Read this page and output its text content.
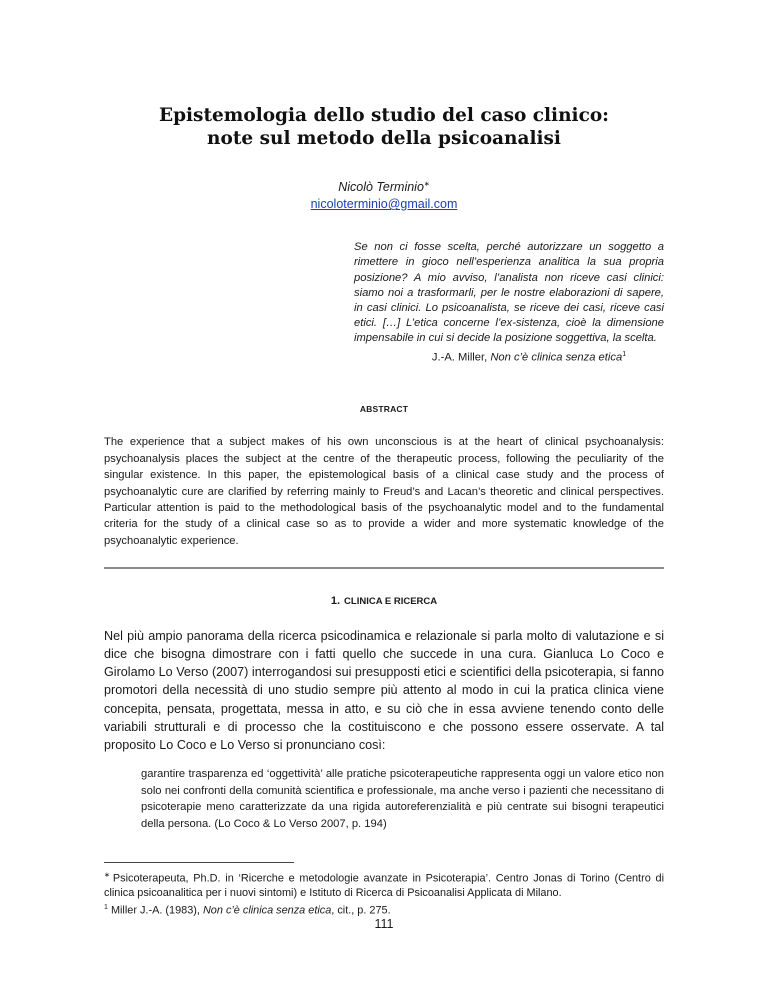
Epistemologia dello studio del caso clinico:
note sul metodo della psicoanalisi
Nicolò Terminio∗
nicoloterminio@gmail.com
Se non ci fosse scelta, perché autorizzare un soggetto a rimettere in gioco nell’esperienza analitica la sua propria posizione? A mio avviso, l’analista non riceve casi clinici: siamo noi a trasformarli, per le nostre elaborazioni di sapere, in casi clinici. Lo psicoanalista, se riceve dei casi, riceve casi etici. […] L’etica concerne l’ex-sistenza, cioè la dimensione impensabile in cui si decide la posizione soggettiva, la scelta.
J.-A. Miller, Non c’è clinica senza etica$^1$
ABSTRACT
The experience that a subject makes of his own unconscious is at the heart of clinical psychoanalysis: psychoanalysis places the subject at the centre of the therapeutic process, following the peculiarity of the singular existence. In this paper, the epistemological basis of a clinical case study and the process of psychoanalytic cure are clarified by referring mainly to Freud’s and Lacan’s theoretic and clinical perspectives. Particular attention is paid to the methodological basis of the psychoanalytic model and to the fundamental criteria for the study of a clinical case so as to provide a wider and more systematic knowledge of the psychoanalytic experience.
1. CLINICA E RICERCA

Nel più ampio panorama della ricerca psicodinamica e relazionale si parla molto di valutazione e si dice che bisogna dimostrare con i fatti quello che succede in una cura. Gianluca Lo Coco e Girolamo Lo Verso (2007) interrogandosi sui presupposti etici e scientifici della psicoterapia, si fanno promotori della necessità di uno studio sempre più attento al modo in cui la pratica clinica viene concepita, pensata, progettata, messa in atto, e su ciò che in essa avviene tenendo conto delle variabili strutturali e di processo che la costituiscono e che possono essere osservate. A tal proposito Lo Coco e Lo Verso si pronunciano così:

garantire trasparenza ed ‘oggettività’ alle pratiche psicoterapeutiche rappresenta oggi un valore etico non solo nei confronti della comunità scientifica e professionale, ma anche verso i pazienti che necessitano di psicoterapie meno caratterizzate da una rigida autoreferenzialità e più centrate sui bisogni terapeutici della persona. (Lo Coco & Lo Verso 2007, p. 194)
∗ Psicoterapeuta, Ph.D. in ‘Ricerche e metodologie avanzate in Psicoterapia’. Centro Jonas di Torino (Centro di clinica psicoanalitica per i nuovi sintomi) e Istituto di Ricerca di Psicoanalisi Applicata di Milano.
$^1$ Miller J.-A. (1983), Non c’è clinica senza etica, cit., p. 275.
111
